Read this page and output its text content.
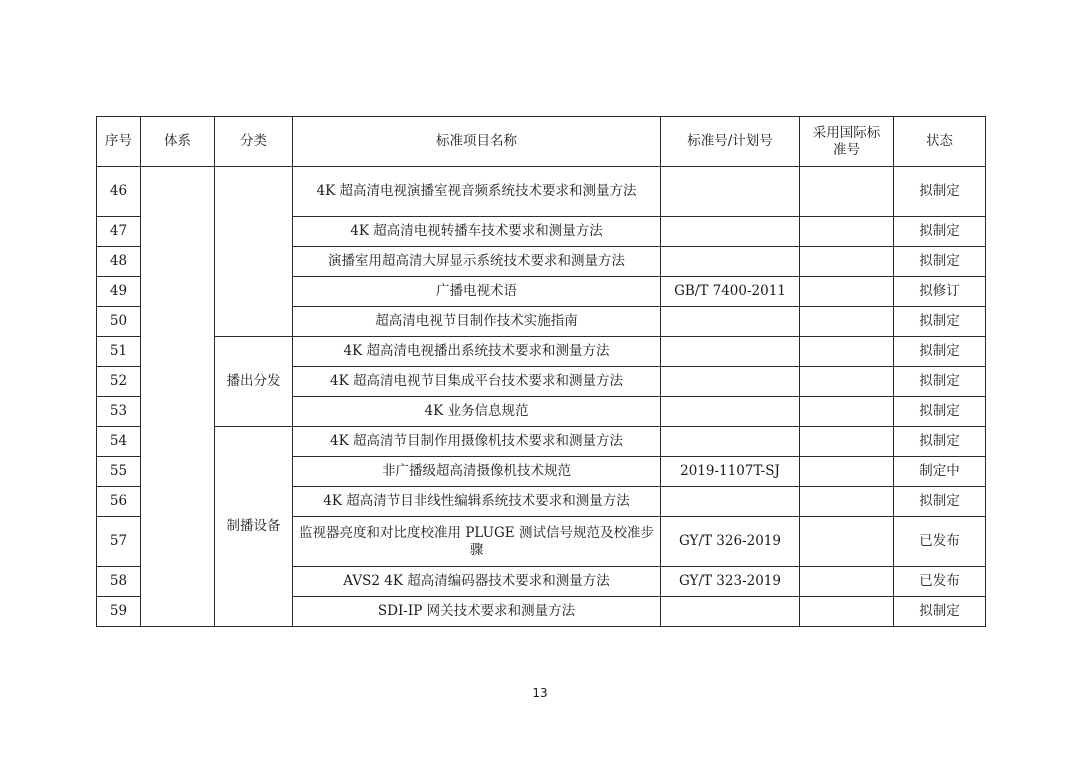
序号	体系	分类	标准项目名称	标准号/计划号	采用国际标准号	状态
46			4K 超高清电视演播室视音频系统技术要求和测量方法			拟制定
47			4K 超高清电视转播车技术要求和测量方法			拟制定
48			演播室用超高清大屏显示系统技术要求和测量方法			拟制定
49			广播电视术语	GB/T 7400-2011		拟修订
50			超高清电视节目制作技术实施指南			拟制定
51		播出分发	4K 超高清电视播出系统技术要求和测量方法			拟制定
52			4K 超高清电视节目集成平台技术要求和测量方法			拟制定
53			4K 业务信息规范			拟制定
54		制播设备	4K 超高清节目制作用摄像机技术要求和测量方法			拟制定
55			非广播级超高清摄像机技术规范	2019-1107T-SJ		制定中
56			4K 超高清节目非线性编辑系统技术要求和测量方法			拟制定
57			监视器亮度和对比度校准用 PLUGE 测试信号规范及校准步骤	GY/T 326-2019		已发布
58			AVS2 4K 超高清编码器技术要求和测量方法	GY/T 323-2019		已发布
59			SDI-IP 网关技术要求和测量方法			拟制定
13
